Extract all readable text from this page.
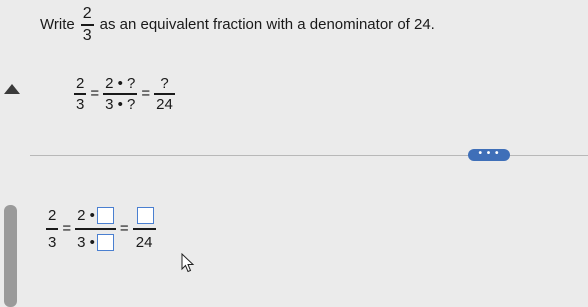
Write $\frac{2}{3}$ as an equivalent fraction with a denominator of 24.
$\frac{2}{3} = \frac{2 • ?}{3 • ?} = \frac{?}{24}$
• • •
$\frac{2}{3} = \frac{2 •}{3 •}$ =
24
